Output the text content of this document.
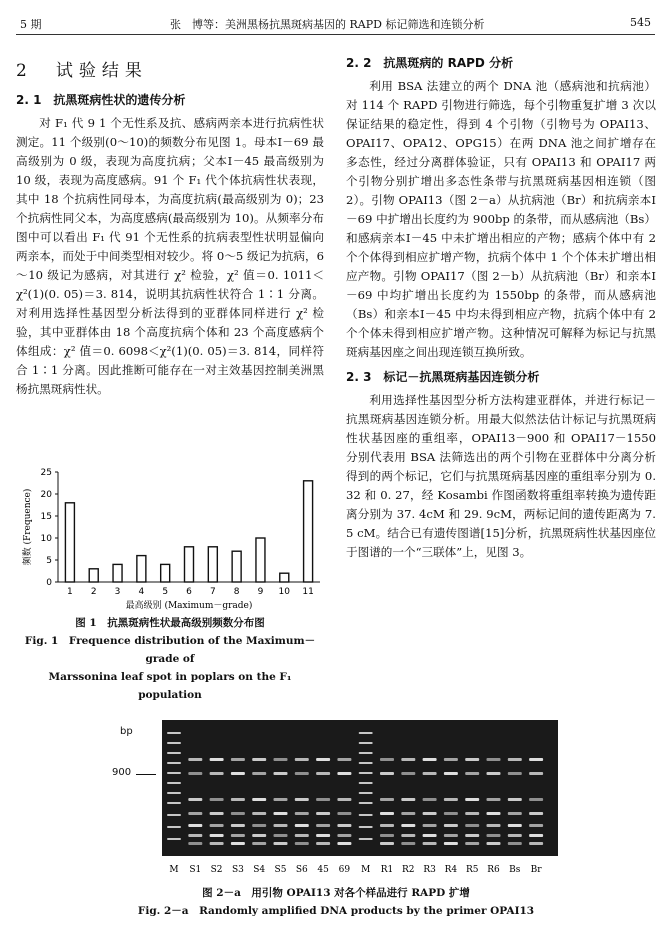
5 期	张　博等：美洲黑杨抗黑斑病基因的 RAPD 标记筛选和连锁分析	545
2　 试验结果
2. 1　抗黑斑病性状的遗传分析

对 F₁ 代 9 1 个无性系及抗、感病两亲本进行抗病性状测定。11 个级别(0～10)的频数分布见图 1。母本Ⅰ－69 最高级别为 0 级，表现为高度抗病；父本Ⅰ－45 最高级别为 10 级，表现为高度感病。91 个 F₁ 代个体抗病性状表现，其中 18 个抗病性同母本，为高度抗病(最高级别为 0)；23 个抗病性同父本，为高度感病(最高级别为 10)。从频率分布图中可以看出 F₁ 代 91 个无性系的抗病表型性状明显偏向两亲本，而处于中间类型相对较少。将 0～5 级记为抗病，6～10 级记为感病，对其进行 χ² 检验，χ² 值＝0. 1011＜χ²(1)(0. 05)＝3. 814，说明其抗病性状符合 1∶1 分离。对利用选择性基因型分析法得到的亚群体同样进行 χ² 检验，其中亚群体由 18 个高度抗病个体和 23 个高度感病个体组成：χ² 值＝0. 6098＜χ²(1)(0. 05)＝3. 814，同样符合 1∶1 分离。因此推断可能存在一对主效基因控制美洲黑杨抗黑斑病性状。

0
5
10
15
20
25
1 2 3 4 5 6 7 8 9 10 11
最高级别 (Maximum－grade)
频数 (Frequence)
图 1　抗黑斑病性状最高级别频数分布图
Fig. 1　Frequence distribution of the Maximum－grade of
Marssonina leaf spot in poplars on the F₁ population
2. 2　抗黑斑病的 RAPD 分析

利用 BSA 法建立的两个 DNA 池（感病池和抗病池）对 114 个 RAPD 引物进行筛选，每个引物重复扩增 3 次以保证结果的稳定性，得到 4 个引物（引物号为 OPAI13、OPAI17、OPA12、OPG15）在两 DNA 池之间扩增存在多态性，经过分离群体验证，只有 OPAI13 和 OPAI17 两个引物分别扩增出多态性条带与抗黑斑病基因相连锁（图 2）。引物 OPAI13（图 2－a）从抗病池（Br）和抗病亲本Ⅰ－69 中扩增出长度约为 900bp 的条带，而从感病池（Bs）和感病亲本Ⅰ－45 中未扩增出相应的产物；感病个体中有 2 个个体得到相应扩增产物，抗病个体中 1 个个体未扩增出相应产物。引物 OPAI17（图 2－b）从抗病池（Br）和亲本Ⅰ－69 中均扩增出长度约为 1550bp 的条带，而从感病池（Bs）和亲本Ⅰ－45 中均未得到相应产物，抗病个体中有 2 个个体未得到相应扩增产物。这种情况可解释为标记与抗黑斑病基因座之间出现连锁互换所致。

2. 3　标记－抗黑斑病基因连锁分析

利用选择性基因型分析方法构建亚群体，并进行标记－抗黑斑病基因连锁分析。用最大似然法估计标记与抗黑斑病性状基因座的重组率，OPAI13－900 和 OPAI17－1550 分别代表用 BSA 法筛选出的两个引物在亚群体中分离分析得到的两个标记，它们与抗黑斑病基因座的重组率分别为 0. 32 和 0. 27，经 Kosambi 作图函数将重组率转换为遗传距离分别为 37. 4cM 和 29. 9cM，两标记间的遗传距离为 7. 5 cM。结合已有遗传图谱[15]分析，抗黑斑病性状基因座位于图谱的一个“三联体”上，见图 3。

bp
M S1 S2 S3 S4 S5 S6 45 69 M R1 R2 R3 R4 R5 R6 Bs Br
900
图 2－a　用引物 OPAI13 对各个样品进行 RAPD 扩增
Fig. 2－a　Randomly amplified DNA products by the primer OPAI13
